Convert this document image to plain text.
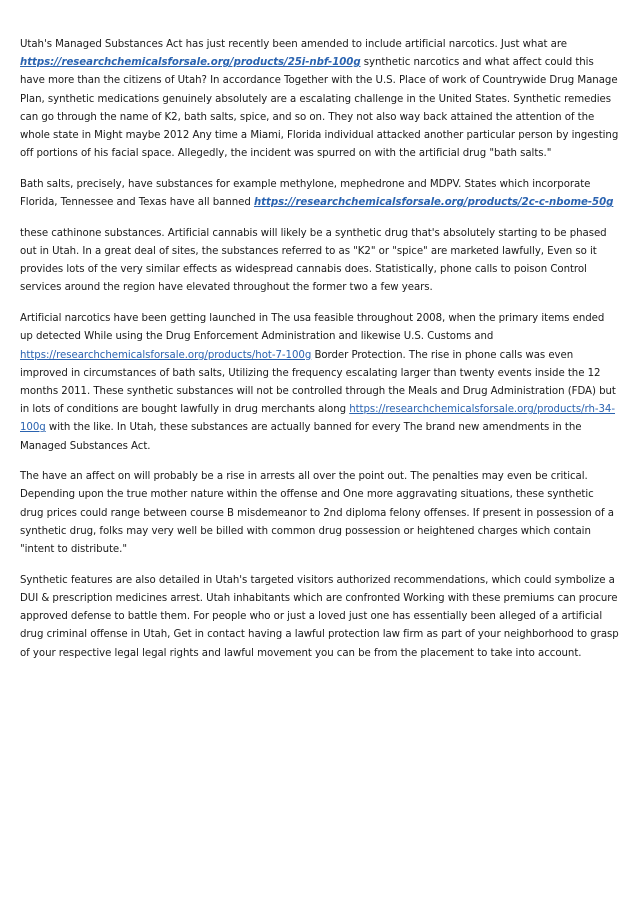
Utah's Managed Substances Act has just recently been amended to include artificial narcotics. Just what are https://researchchemicalsforsale.org/products/25i-nbf-100g synthetic narcotics and what affect could this have more than the citizens of Utah? In accordance Together with the U.S. Place of work of Countrywide Drug Manage Plan, synthetic medications genuinely absolutely are a escalating challenge in the United States. Synthetic remedies can go through the name of K2, bath salts, spice, and so on. They not also way back attained the attention of the whole state in Might maybe 2012 Any time a Miami, Florida individual attacked another particular person by ingesting off portions of his facial space. Allegedly, the incident was spurred on with the artificial drug "bath salts."

Bath salts, precisely, have substances for example methylone, mephedrone and MDPV. States which incorporate Florida, Tennessee and Texas have all banned https://researchchemicalsforsale.org/products/2c-c-nbome-50g

these cathinone substances. Artificial cannabis will likely be a synthetic drug that's absolutely starting to be phased out in Utah. In a great deal of sites, the substances referred to as "K2" or "spice" are marketed lawfully, Even so it provides lots of the very similar effects as widespread cannabis does. Statistically, phone calls to poison Control services around the region have elevated throughout the former two a few years.

Artificial narcotics have been getting launched in The usa feasible throughout 2008, when the primary items ended up detected While using the Drug Enforcement Administration and likewise U.S. Customs and https://researchchemicalsforsale.org/products/hot-7-100g Border Protection. The rise in phone calls was even improved in circumstances of bath salts, Utilizing the frequency escalating larger than twenty events inside the 12 months 2011. These synthetic substances will not be controlled through the Meals and Drug Administration (FDA) but in lots of conditions are bought lawfully in drug merchants along https://researchchemicalsforsale.org/products/rh-34-100g with the like. In Utah, these substances are actually banned for every The brand new amendments in the Managed Substances Act.

The have an affect on will probably be a rise in arrests all over the point out. The penalties may even be critical. Depending upon the true mother nature within the offense and One more aggravating situations, these synthetic drug prices could range between course B misdemeanor to 2nd diploma felony offenses. If present in possession of a synthetic drug, folks may very well be billed with common drug possession or heightened charges which contain "intent to distribute."

Synthetic features are also detailed in Utah's targeted visitors authorized recommendations, which could symbolize a DUI & prescription medicines arrest. Utah inhabitants which are confronted Working with these premiums can procure approved defense to battle them. For people who or just a loved just one has essentially been alleged of a artificial drug criminal offense in Utah, Get in contact having a lawful protection law firm as part of your neighborhood to grasp of your respective legal legal rights and lawful movement you can be from the placement to take into account.
